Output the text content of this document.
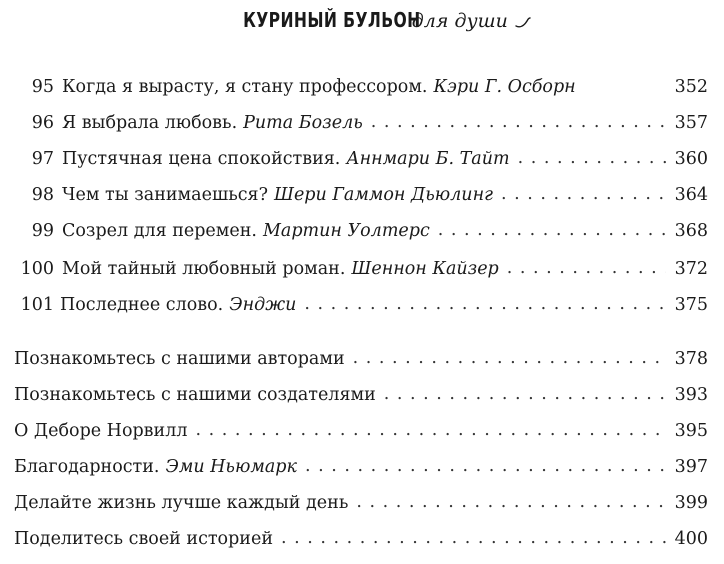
КУРИНЫЙ БУЛЬОН для души
95 Когда я вырасту, я стану профессором. Кэри Г. Осборн	352
96 Я выбрала любовь. Рита Бозель . . .	357
97 Пустячная цена спокойствия. Аннмари Б. Тайт . . .	360
98 Чем ты занимаешься? Шери Гаммон Дьюлинг . . .	364
99 Созрел для перемен. Мартин Уолтерс . . .	368
100 Мой тайный любовный роман. Шеннон Кайзер . . .	372
101 Последнее слово. Энджи . . .	375
Познакомьтесь с нашими авторами . . .	378
Познакомьтесь с нашими создателями . . .	393
О Деборе Норвилл . . .	395
Благодарности. Эми Ньюмарк . . .	397
Делайте жизнь лучше каждый день . . .	399
Поделитесь своей историей . . .	400
